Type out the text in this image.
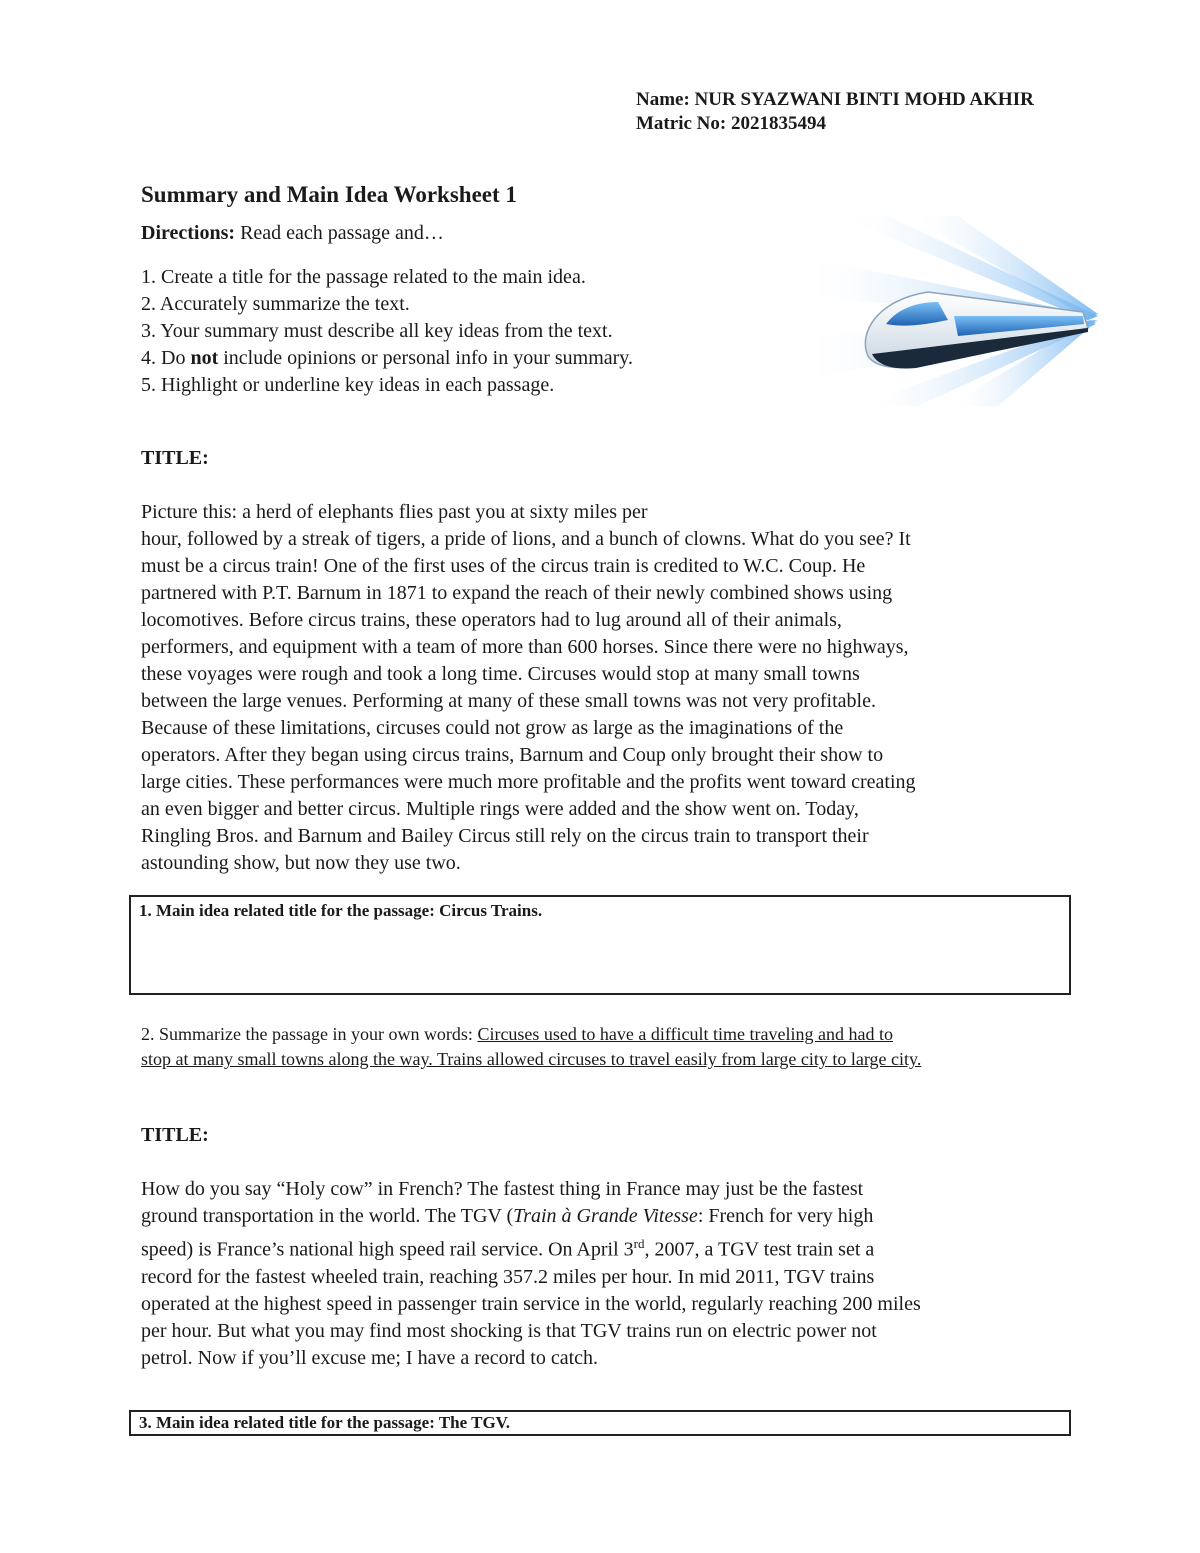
Name: NUR SYAZWANI BINTI MOHD AKHIR
Matric No: 2021835494
Summary and Main Idea Worksheet 1
Directions: Read each passage and…
1. Create a title for the passage related to the main idea.
2. Accurately summarize the text.
3. Your summary must describe all key ideas from the text.
4. Do not include opinions or personal info in your summary.
5. Highlight or underline key ideas in each passage.
TITLE:
Picture this: a herd of elephants flies past you at sixty miles per
hour, followed by a streak of tigers, a pride of lions, and a bunch of clowns. What do you see? It
must be a circus train! One of the first uses of the circus train is credited to W.C. Coup. He
partnered with P.T. Barnum in 1871 to expand the reach of their newly combined shows using
locomotives. Before circus trains, these operators had to lug around all of their animals,
performers, and equipment with a team of more than 600 horses. Since there were no highways,
these voyages were rough and took a long time. Circuses would stop at many small towns
between the large venues. Performing at many of these small towns was not very profitable.
Because of these limitations, circuses could not grow as large as the imaginations of the
operators. After they began using circus trains, Barnum and Coup only brought their show to
large cities. These performances were much more profitable and the profits went toward creating
an even bigger and better circus. Multiple rings were added and the show went on. Today,
Ringling Bros. and Barnum and Bailey Circus still rely on the circus train to transport their
astounding show, but now they use two.

1. Main idea related title for the passage: Circus Trains.

2. Summarize the passage in your own words: Circuses used to have a difficult time traveling and had to
stop at many small towns along the way. Trains allowed circuses to travel easily from large city to large city.
TITLE:
How do you say “Holy cow” in French? The fastest thing in France may just be the fastest
ground transportation in the world. The TGV (Train à Grande Vitesse: French for very high
speed) is France’s national high speed rail service. On April 3rd, 2007, a TGV test train set a
record for the fastest wheeled train, reaching 357.2 miles per hour. In mid 2011, TGV trains
operated at the highest speed in passenger train service in the world, regularly reaching 200 miles
per hour. But what you may find most shocking is that TGV trains run on electric power not
petrol. Now if you’ll excuse me; I have a record to catch.

3. Main idea related title for the passage: The TGV.
